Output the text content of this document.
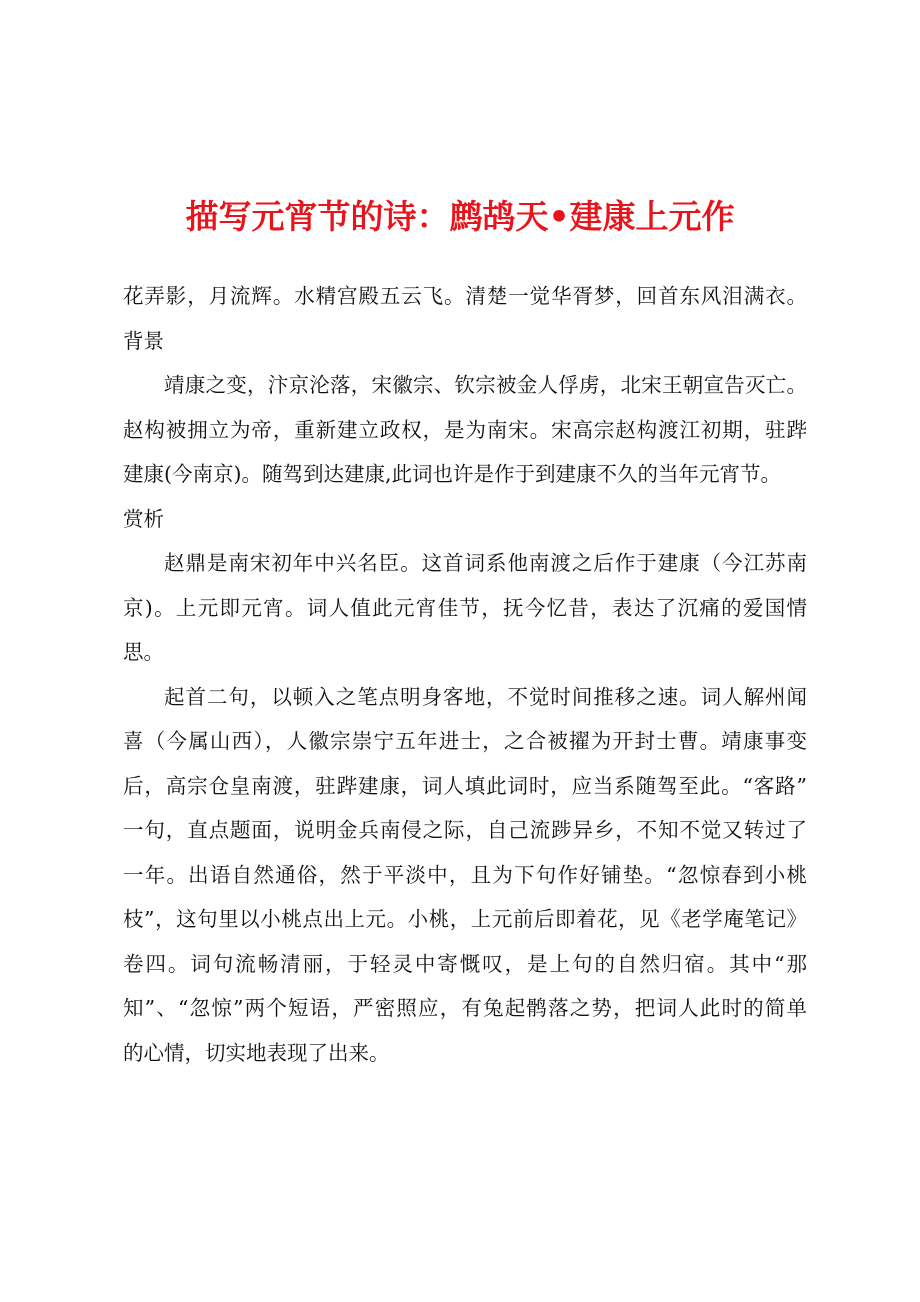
描写元宵节的诗：鹧鸪天•建康上元作
花弄影，月流辉。水精宫殿五云飞。清楚一觉华胥梦，回首东风泪满衣。
背景
靖康之变，汴京沦落，宋徽宗、钦宗被金人俘虏，北宋王朝宣告灭亡。
赵构被拥立为帝，重新建立政权，是为南宋。宋高宗赵构渡江初期，驻跸
建康(今南京)。随驾到达建康,此词也许是作于到建康不久的当年元宵节。
赏析
赵鼎是南宋初年中兴名臣。这首词系他南渡之后作于建康（今江苏南
京)。上元即元宵。词人值此元宵佳节，抚今忆昔，表达了沉痛的爱国情
思。
起首二句，以顿入之笔点明身客地，不觉时间推移之速。词人解州闻
喜（今属山西），人徽宗崇宁五年进士，之合被擢为开封士曹。靖康事变
后，高宗仓皇南渡，驻跸建康，词人填此词时，应当系随驾至此。“客路”
一句，直点题面，说明金兵南侵之际，自己流踄异乡，不知不觉又转过了
一年。出语自然通俗，然于平淡中，且为下句作好铺垫。“忽惊春到小桃
枝”，这句里以小桃点出上元。小桃，上元前后即着花，见《老学庵笔记》
卷四。词句流畅清丽，于轻灵中寄慨叹，是上句的自然归宿。其中“那
知”、“忽惊”两个短语，严密照应，有兔起鹘落之势，把词人此时的简单
的心情，切实地表现了出来。
